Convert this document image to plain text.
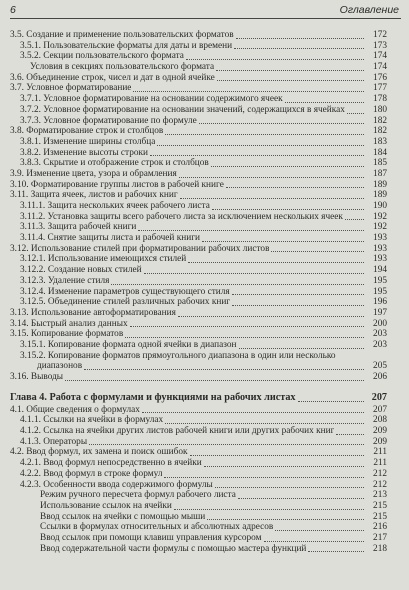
6	Оглавление
3.5. Создание и применение пользовательских форматов	172
3.5.1. Пользовательские форматы для даты и времени	173
3.5.2. Секции пользовательского формата	174
Условия в секциях пользовательского формата	174
3.6. Объединение строк, чисел и дат в одной ячейке	176
3.7. Условное форматирование	177
3.7.1. Условное форматирование на основании содержимого ячеек	178
3.7.2. Условное форматирование на основании значений, содержащихся в ячейках	180
3.7.3. Условное форматирование по формуле	182
3.8. Форматирование строк и столбцов	182
3.8.1. Изменение ширины столбца	183
3.8.2. Изменение высоты строки	184
3.8.3. Скрытие и отображение строк и столбцов	185
3.9. Изменение цвета, узора и обрамления	187
3.10. Форматирование группы листов в рабочей книге	189
3.11. Защита ячеек, листов и рабочих книг	189
3.11.1. Защита нескольких ячеек рабочего листа	190
3.11.2. Установка защиты всего рабочего листа за исключением нескольких ячеек	192
3.11.3. Защита рабочей книги	192
3.11.4. Снятие защиты листа и рабочей книги	193
3.12. Использование стилей при форматировании рабочих листов	193
3.12.1. Использование имеющихся стилей	193
3.12.2. Создание новых стилей	194
3.12.3. Удаление стиля	195
3.12.4. Изменение параметров существующего стиля	195
3.12.5. Объединение стилей различных рабочих книг	196
3.13. Использование автоформатирования	197
3.14. Быстрый анализ данных	200
3.15. Копирование форматов	203
3.15.1. Копирование формата одной ячейки в диапазон	203
3.15.2. Копирование форматов прямоугольного диапазона в один или несколько
диапазонов	205
3.16. Выводы	206
Глава 4. Работа с формулами и функциями на рабочих листах	207
4.1. Общие сведения о формулах	207
4.1.1. Ссылки на ячейки в формулах	208
4.1.2. Ссылка на ячейки других листов рабочей книги или других рабочих книг	209
4.1.3. Операторы	209
4.2. Ввод формул, их замена и поиск ошибок	211
4.2.1. Ввод формул непосредственно в ячейки	211
4.2.2. Ввод формул в строке формул	212
4.2.3. Особенности ввода содержимого формулы	212
Режим ручного пересчета формул рабочего листа	213
Использование ссылок на ячейки	215
Ввод ссылок на ячейки с помощью мыши	215
Ссылки в формулах относительных и абсолютных адресов	216
Ввод ссылок при помощи клавиш управления курсором	217
Ввод содержательной части формулы с помощью мастера функций	218
